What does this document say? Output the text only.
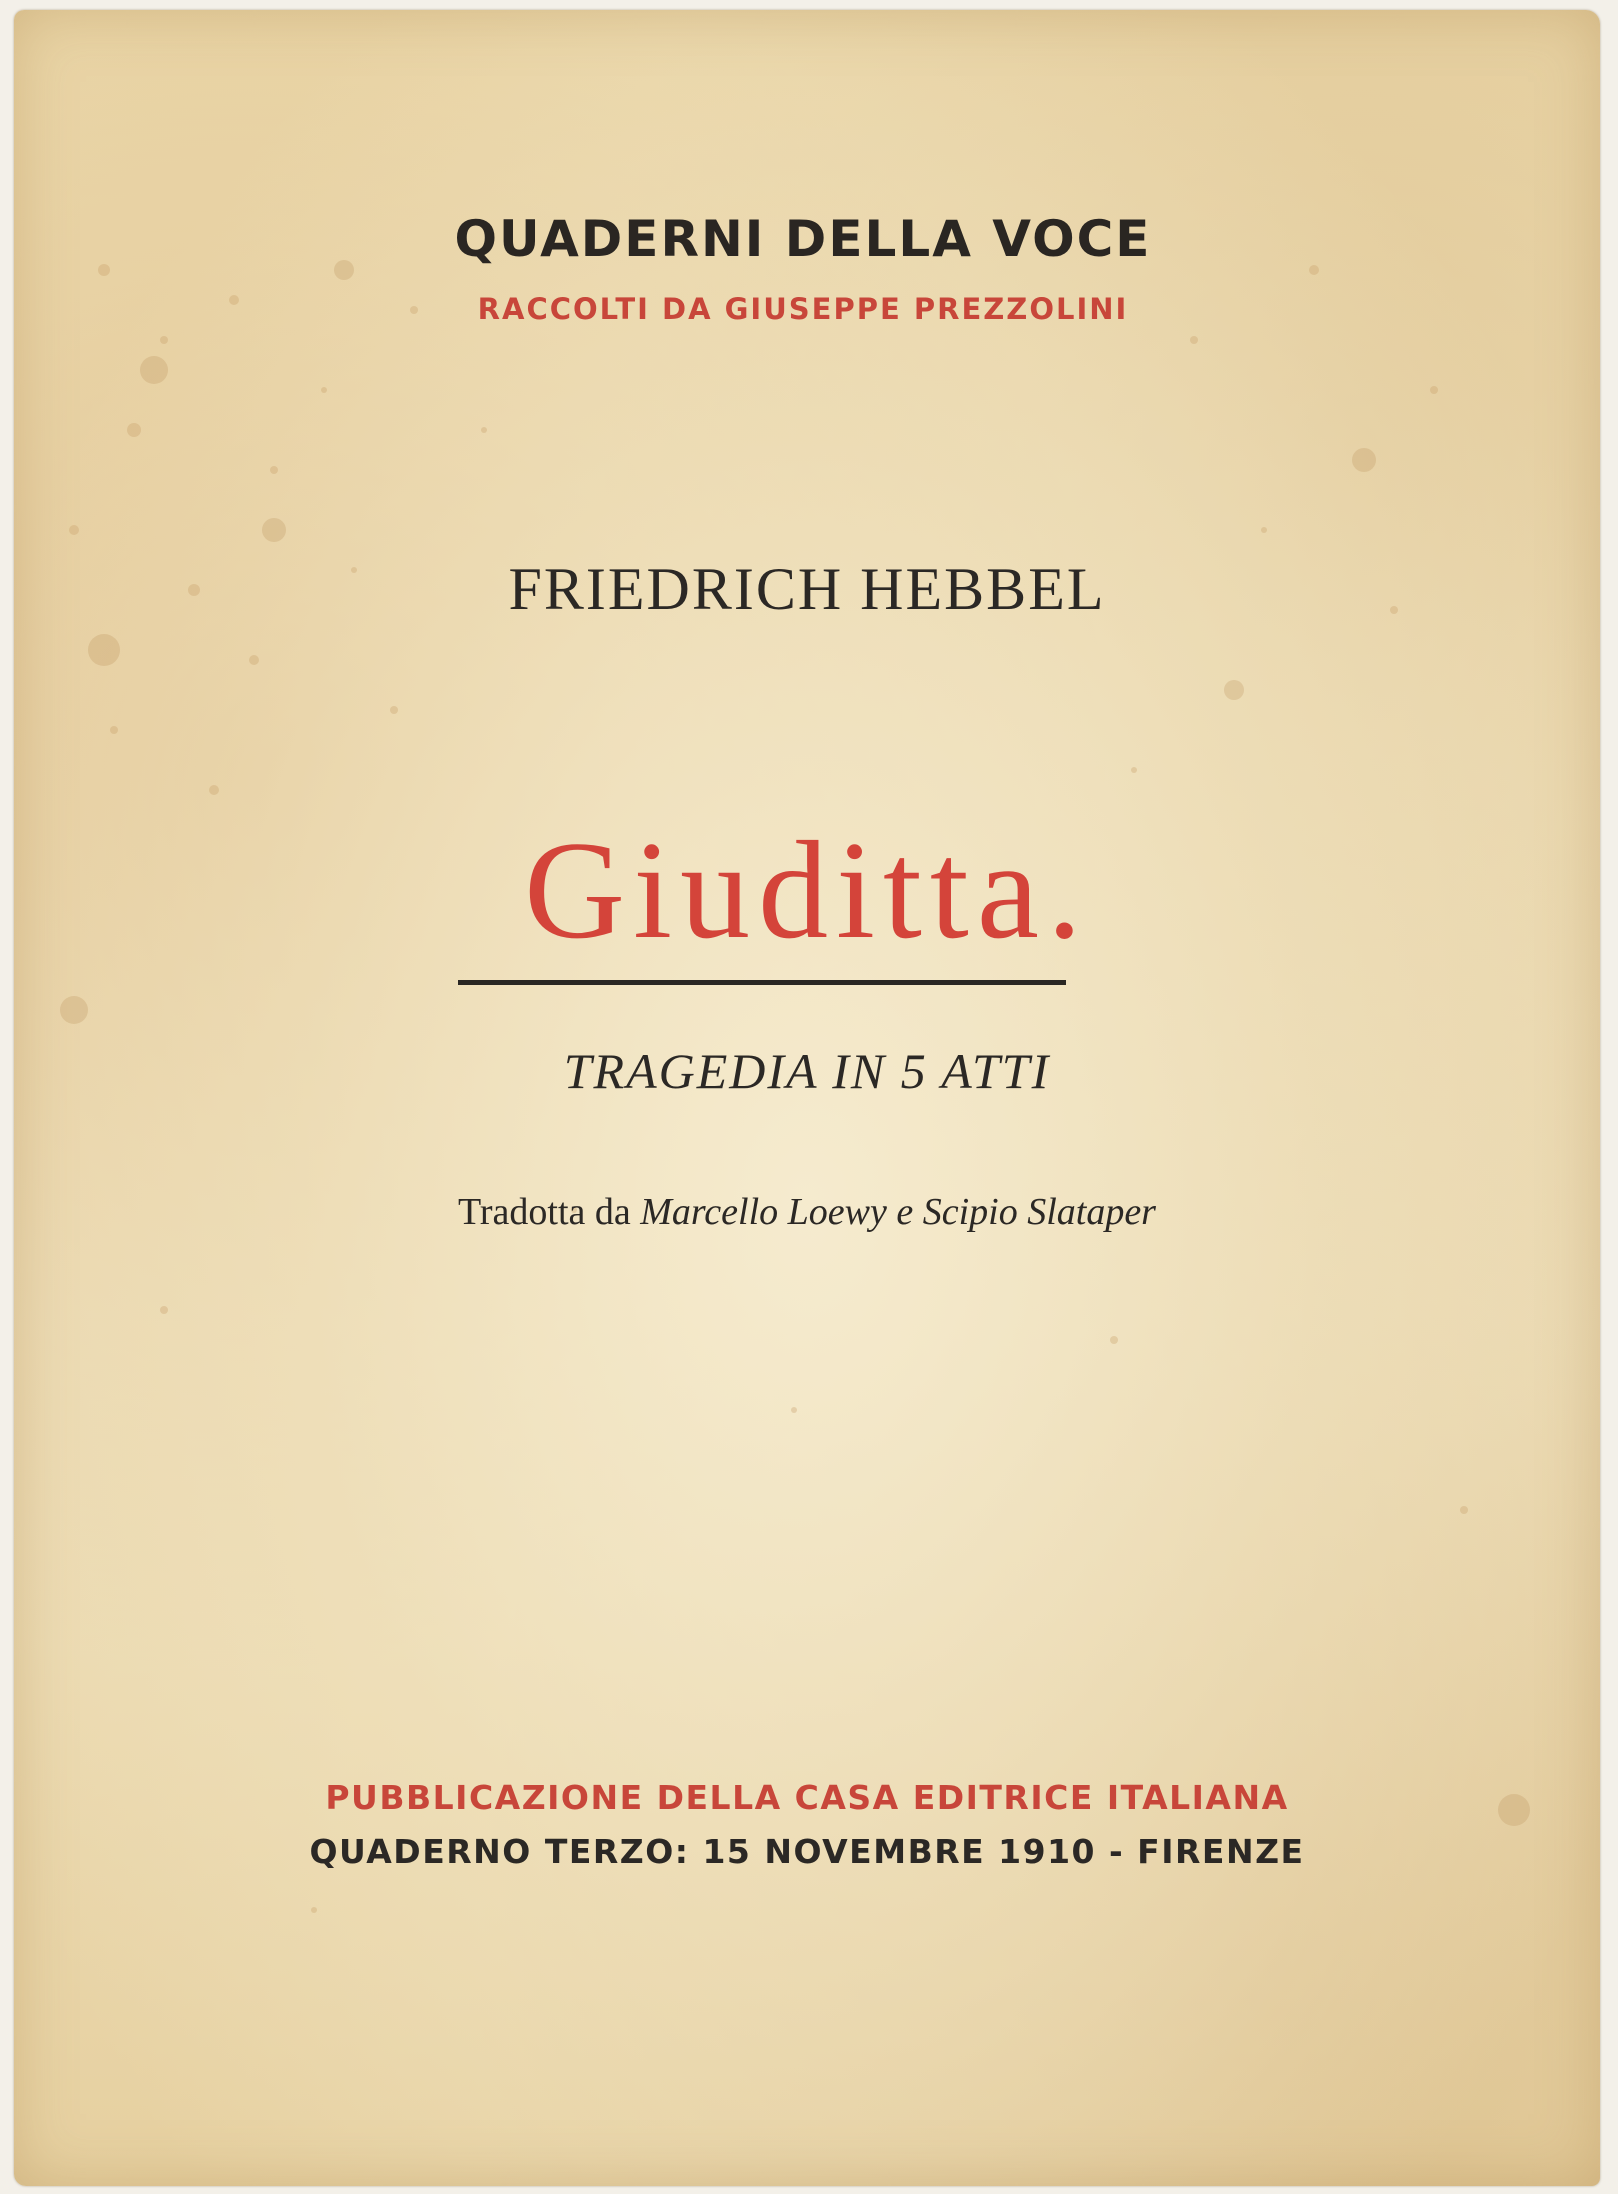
QUADERNI DELLA VOCE

RACCOLTI DA GIUSEPPE PREZZOLINI

FRIEDRICH HEBBEL

Giuditta.

TRAGEDIA IN 5 ATTI

Tradotta da Marcello Loewy e Scipio Slataper

PUBBLICAZIONE DELLA CASA EDITRICE ITALIANA

QUADERNO TERZO: 15 NOVEMBRE 1910 - FIRENZE
